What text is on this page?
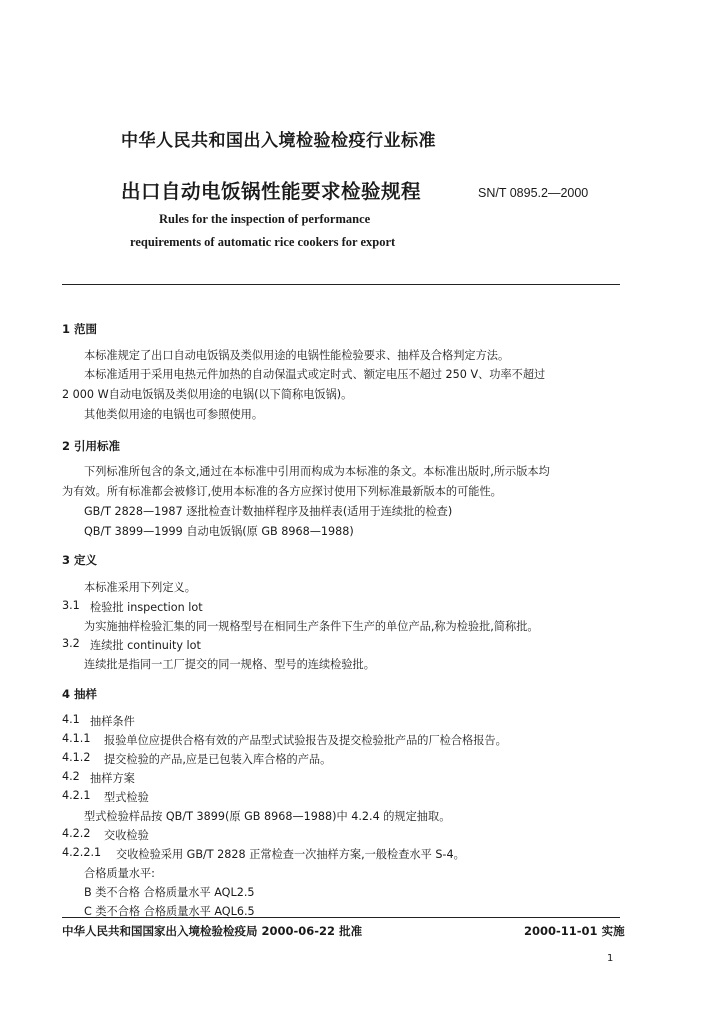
中华人民共和国出入境检验检疫行业标准
出口自动电饭锅性能要求检验规程	SN/T 0895.2—2000
Rules for the inspection of performance
requirements of automatic rice cookers for export
1 范围
本标准规定了出口自动电饭锅及类似用途的电锅性能检验要求、抽样及合格判定方法。
本标准适用于采用电热元件加热的自动保温式或定时式、额定电压不超过 250 V、功率不超过
2 000 W自动电饭锅及类似用途的电锅(以下简称电饭锅)。
其他类似用途的电锅也可参照使用。
2 引用标准
下列标准所包含的条文,通过在本标准中引用而构成为本标准的条文。本标准出版时,所示版本均
为有效。所有标准都会被修订,使用本标准的各方应探讨使用下列标准最新版本的可能性。
GB/T 2828—1987 逐批检查计数抽样程序及抽样表(适用于连续批的检查)
QB/T 3899—1999 自动电饭锅(原 GB 8968—1988)
3 定义
本标准采用下列定义。
3.1 检验批 inspection lot
为实施抽样检验汇集的同一规格型号在相同生产条件下生产的单位产品,称为检验批,简称批。
3.2 连续批 continuity lot
连续批是指同一工厂提交的同一规格、型号的连续检验批。
4 抽样
4.1 抽样条件
4.1.1 报验单位应提供合格有效的产品型式试验报告及提交检验批产品的厂检合格报告。
4.1.2 提交检验的产品,应是已包装入库合格的产品。
4.2 抽样方案
4.2.1 型式检验
型式检验样品按 QB/T 3899(原 GB 8968—1988)中 4.2.4 的规定抽取。
4.2.2 交收检验
4.2.2.1 交收检验采用 GB/T 2828 正常检查一次抽样方案,一般检查水平 S-4。
合格质量水平:
B 类不合格 合格质量水平 AQL2.5
C 类不合格 合格质量水平 AQL6.5
中华人民共和国国家出入境检验检疫局 2000-06-22 批准	2000-11-01 实施
1
